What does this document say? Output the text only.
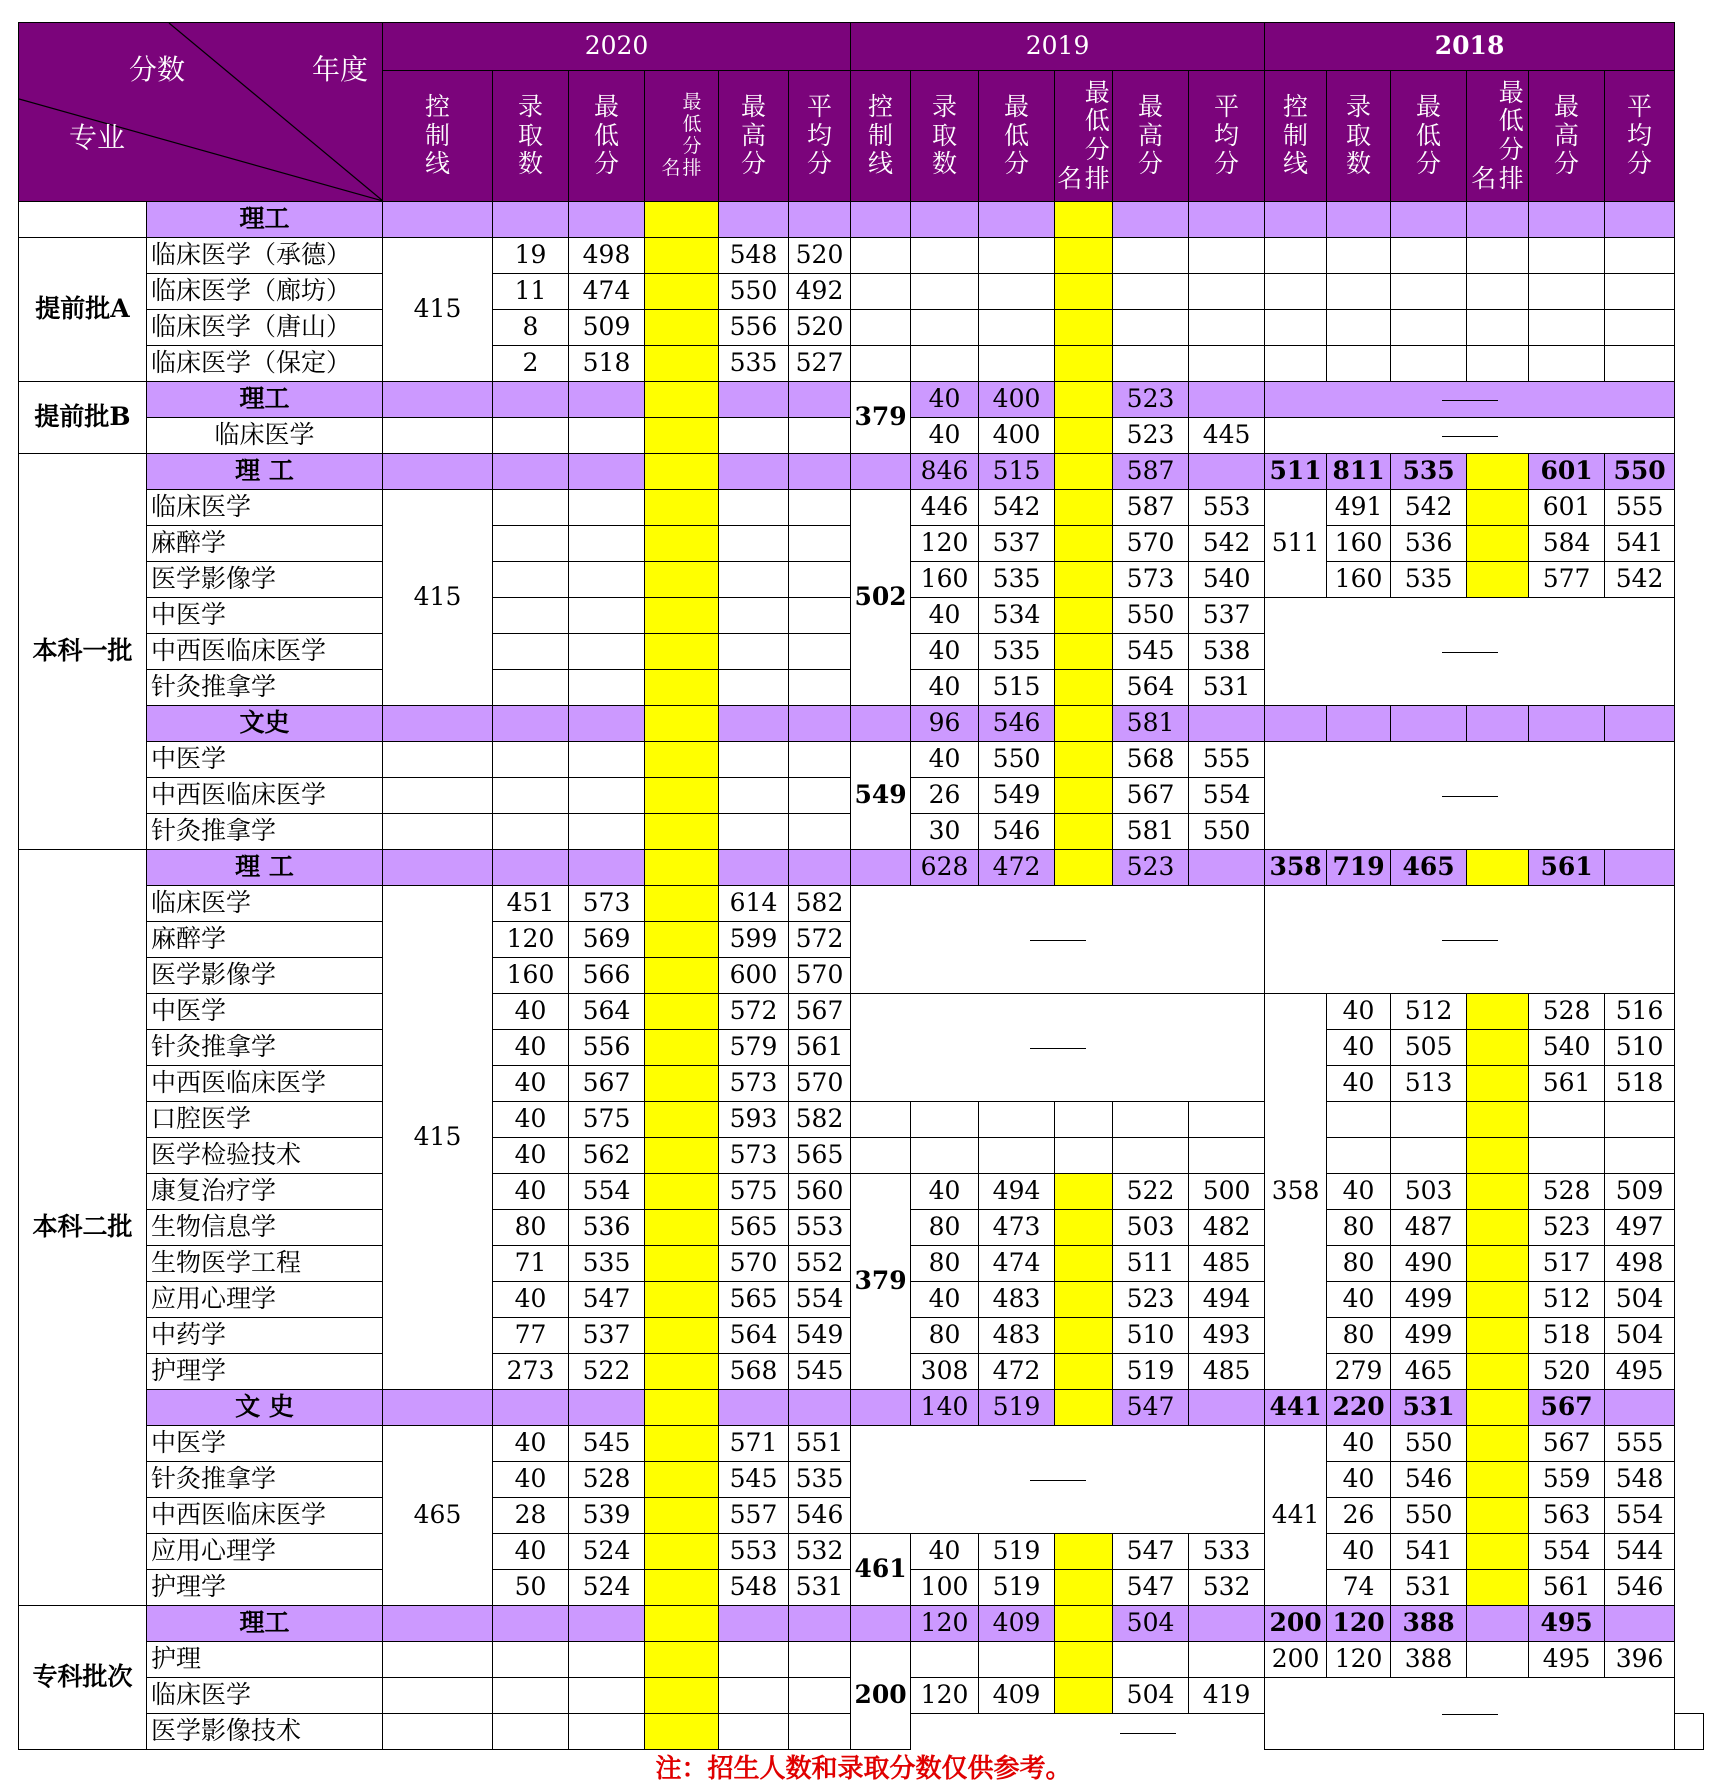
分数 年度
专业		2020						2019						2018						
		控制线	录取数	最低分	名最低分排	最高分	平均分	控制线	录取数	最低分	名最低分排	最高分	平均分	控制线	录取数	最低分	名最低分排	最高分	平均分	
	理工																			
提前批A	临床医学（承德）	415	19	498		548	520													
	临床医学（廊坊）		11	474		550	492													
	临床医学（唐山）		8	509		556	520													
	临床医学（保定）		2	518		535	527													
提前批B	理工							379	40	400		523								
	临床医学								40	400		523	445							
本科一批	理 工								846	515		587		511	811	535		601	550	
	临床医学	415						502	446	542		587	553	511	491	542		601	555	
	麻醉学								120	537		570	542		160	536		584	541	
	医学影像学								160	535		573	540		160	535		577	542	
	中医学								40	534		550	537							
	中西医临床医学								40	535		545	538							
	针灸推拿学								40	515		564	531							
	文史								96	546		581								
	中医学							549	40	550		568	555							
	中西医临床医学								26	549		567	554							
	针灸推拿学								30	546		581	550							
本科二批	理 工								628	472		523		358	719	465		561		
	临床医学	415	451	573		614	582													
	麻醉学		120	569		599	572													
	医学影像学		160	566		600	570													
	中医学		40	564		572	567							358	40	512		528	516	
	针灸推拿学		40	556		579	561								40	505		540	510	
	中西医临床医学		40	567		573	570								40	513		561	518	
	口腔医学		40	575		593	582													
	医学检验技术		40	562		573	565													
	康复治疗学		40	554		575	560	379	40	494		522	500		40	503		528	509	
	生物信息学		80	536		565	553		80	473		503	482		80	487		523	497	
	生物医学工程		71	535		570	552		80	474		511	485		80	490		517	498	
	应用心理学		40	547		565	554		40	483		523	494		40	499		512	504	
	中药学		77	537		564	549		80	483		510	493		80	499		518	504	
	护理学		273	522		568	545		308	472		519	485		279	465		520	495	
	文 史								140	519		547		441	220	531		567		
	中医学	465	40	545		571	551							441	40	550		567	555	
	针灸推拿学		40	528		545	535								40	546		559	548	
	中西医临床医学		28	539		557	546								26	550		563	554	
	应用心理学		40	524		553	532	461	40	519		547	533		40	541		554	544	
	护理学		50	524		548	531		100	519		547	532		74	531		561	546	
专科批次	理工								120	409		504		200	120	388		495		
	护理							200						200	120	388		495	396	
	临床医学								120	409		504	419							
	医学影像技术																			
注：招生人数和录取分数仅供参考。
